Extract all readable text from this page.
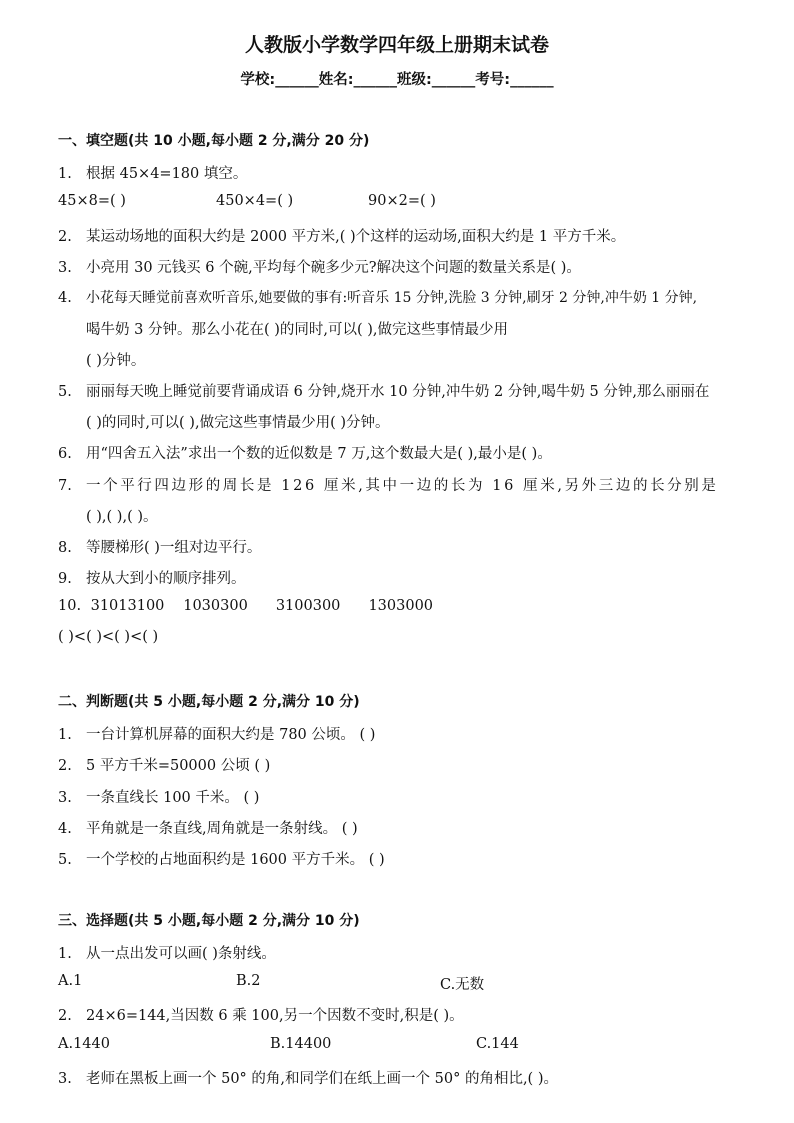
人教版小学数学四年级上册期末试卷
学校:______姓名:______班级:______考号:______
一、填空题(共 10 小题,每小题 2 分,满分 20 分)
1. 根据 45×4=180 填空。
45×8=( )	450×4=( )	90×2=( )
2. 某运动场地的面积大约是 2000 平方米,( )个这样的运动场,面积大约是 1 平方千米。
3. 小亮用 30 元钱买 6 个碗,平均每个碗多少元?解决这个问题的数量关系是( )。
4. 小花每天睡觉前喜欢听音乐,她要做的事有:听音乐 15 分钟,洗脸 3 分钟,刷牙 2 分钟,冲牛奶 1 分钟,
喝牛奶 3 分钟。那么小花在( )的同时,可以( ),做完这些事情最少用
( )分钟。
5. 丽丽每天晚上睡觉前要背诵成语 6 分钟,烧开水 10 分钟,冲牛奶 2 分钟,喝牛奶 5 分钟,那么丽丽在
( )的同时,可以( ),做完这些事情最少用( )分钟。
6. 用“四舍五入法”求出一个数的近似数是 7 万,这个数最大是( ),最小是( )。
7. 一个平行四边形的周长是 126 厘米,其中一边的长为 16 厘米,另外三边的长分别是
( ),( ),( )。
8. 等腰梯形( )一组对边平行。
9. 按从大到小的顺序排列。
10. 31013100 1030300 3100300 1303000
( )<( )<( )<( )
二、判断题(共 5 小题,每小题 2 分,满分 10 分)
1. 一台计算机屏幕的面积大约是 780 公顷。 ( )
2. 5 平方千米=50000 公顷 ( )
3. 一条直线长 100 千米。 ( )
4. 平角就是一条直线,周角就是一条射线。 ( )
5. 一个学校的占地面积约是 1600 平方千米。 ( )
三、选择题(共 5 小题,每小题 2 分,满分 10 分)
1. 从一点出发可以画( )条射线。
A.1	B.2	C.无数
2. 24×6=144,当因数 6 乘 100,另一个因数不变时,积是( )。
A.1440	B.14400	C.144
3. 老师在黑板上画一个 50° 的角,和同学们在纸上画一个 50° 的角相比,( )。
